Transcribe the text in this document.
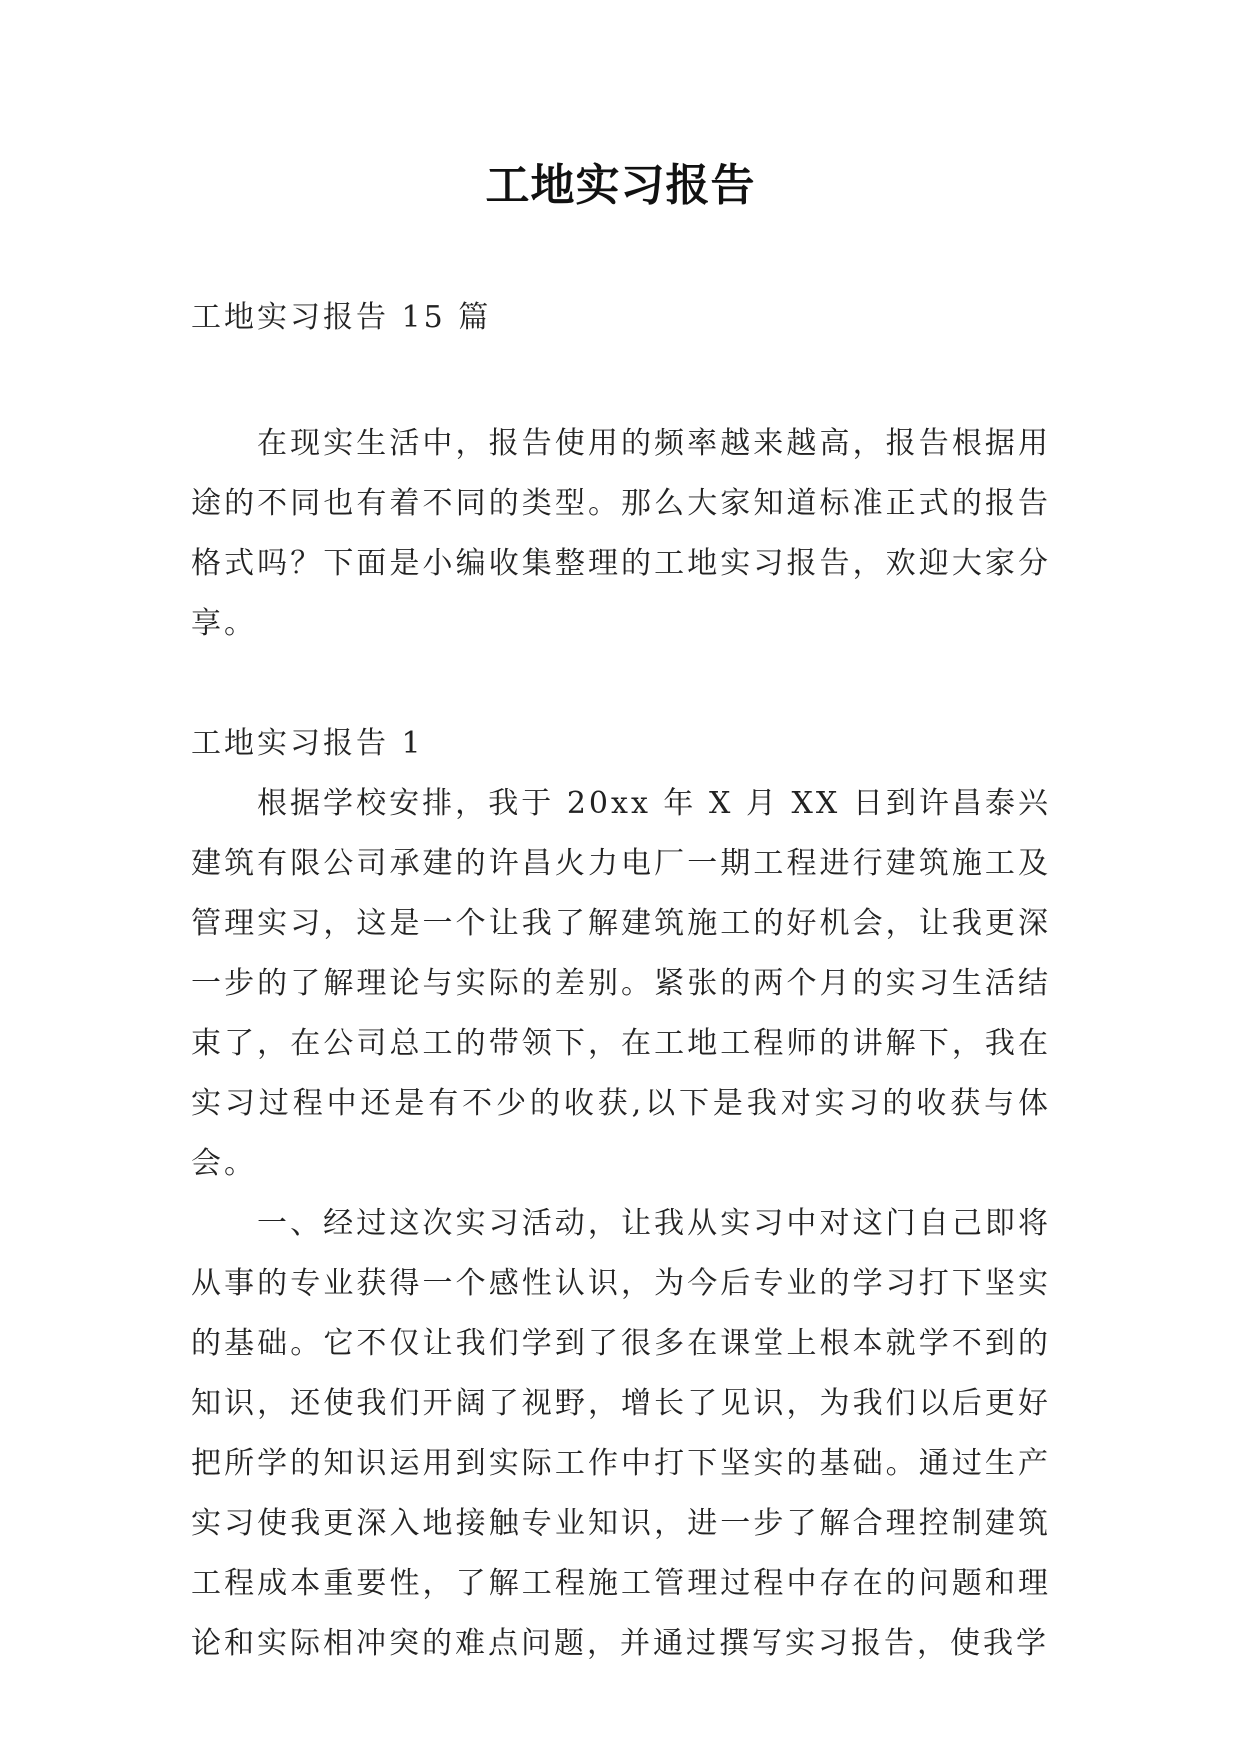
工地实习报告

工地实习报告 15 篇

在现实生活中，报告使用的频率越来越高，报告根据用途的不同也有着不同的类型。那么大家知道标准正式的报告格式吗？下面是小编收集整理的工地实习报告，欢迎大家分享。

工地实习报告 1

根据学校安排，我于 20xx 年 X 月 XX 日到许昌泰兴建筑有限公司承建的许昌火力电厂一期工程进行建筑施工及管理实习，这是一个让我了解建筑施工的好机会，让我更深一步的了解理论与实际的差别。紧张的两个月的实习生活结束了，在公司总工的带领下，在工地工程师的讲解下，我在实习过程中还是有不少的收获,以下是我对实习的收获与体会。

一、经过这次实习活动，让我从实习中对这门自己即将从事的专业获得一个感性认识，为今后专业的学习打下坚实的基础。它不仅让我们学到了很多在课堂上根本就学不到的知识，还使我们开阔了视野，增长了见识，为我们以后更好把所学的知识运用到实际工作中打下坚实的基础。通过生产实习使我更深入地接触专业知识，进一步了解合理控制建筑工程成本重要性，了解工程施工管理过程中存在的问题和理论和实际相冲突的难点问题，并通过撰写实习报告，使我学
